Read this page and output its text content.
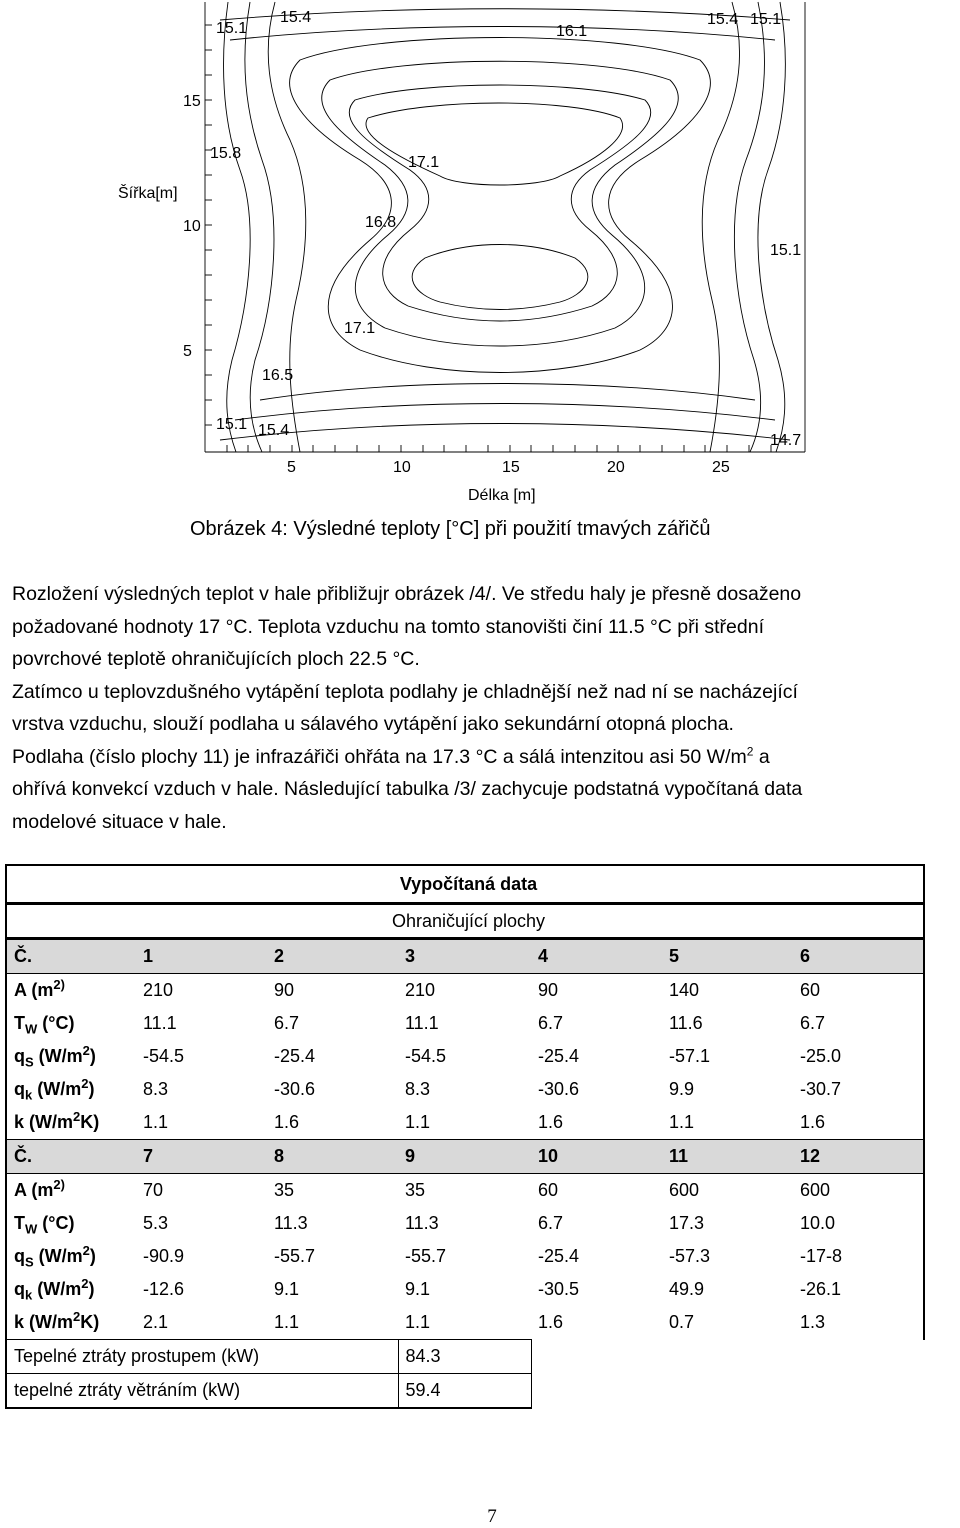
Šířka[m]
15
10
5
5	10	15	20	25
Délka [m]
15.1
15.4
16.1
15.4 15.1
15.8
17.1
16.8
15.1
17.1
16.5
15.1 15.4
14.7
Obrázek 4: Výsledné teploty [°C] při použití tmavých zářičů

Rozložení výsledných teplot v hale přibližujr obrázek /4/. Ve středu haly je přesně dosaženo

požadované hodnoty 17 °C. Teplota vzduchu na tomto stanovišti činí 11.5 °C při střední

povrchové teplotě ohraničujících ploch 22.5 °C.

Zatímco u teplovzdušného vytápění teplota podlahy je chladnější než nad ní se nacházející

vrstva vzduchu, slouží podlaha u sálavého vytápění jako sekundární otopná plocha.

Podlaha (číslo plochy 11) je infrazářiči ohřáta na 17.3 °C a sálá intenzitou asi 50 $W/m^2$ a

ohřívá konvekcí vzduch v hale. Následující tabulka /3/ zachycuje podstatná vypočítaná data

modelové situace v hale.

Vypočítaná data						
Ohraničující plochy						
Č.	1	2	3	4	5	6
A ($m^{2)}$	210	90	210	90	140	60
$T_W$ (°C)	11.1	6.7	11.1	6.7	11.6	6.7
$q_S$ $(W/m^2)$	-54.5	-25.4	-54.5	-25.4	-57.1	-25.0
$q_k$ $(W/m^2)$	8.3	-30.6	8.3	-30.6	9.9	-30.7
k $(W/m^2K)$	1.1	1.6	1.1	1.6	1.1	1.6
Č.	7	8	9	10	11	12
A ($m^{2)}$	70	35	35	60	600	600
$T_W$ (°C)	5.3	11.3	11.3	6.7	17.3	10.0
$q_S$ $(W/m^2)$	-90.9	-55.7	-55.7	-25.4	-57.3	-17-8
$q_k$ $(W/m^2)$	-12.6	9.1	9.1	-30.5	49.9	-26.1
k $(W/m^2K)$	2.1	1.1	1.1	1.6	0.7	1.3
Tepelné ztráty prostupem (kW)			84.3			
tepelné ztráty větráním (kW)			59.4			
7
